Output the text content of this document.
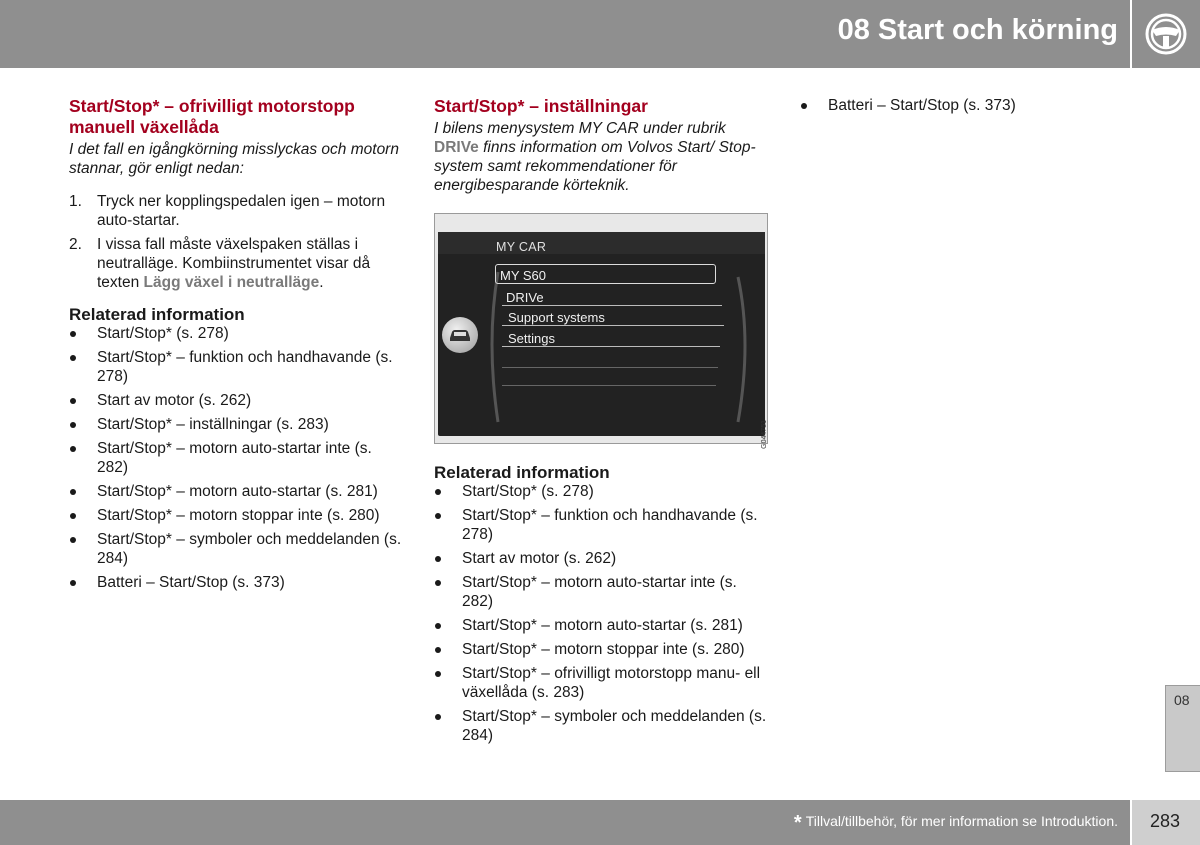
08 Start och körning
Start/Stop* – ofrivilligt motorstopp manuell växellåda

I det fall en igångkörning misslyckas och motorn stannar, gör enligt nedan:

1. Tryck ner kopplingspedalen igen – motorn auto-startar.
2. I vissa fall måste växelspaken ställas i neutralläge. Kombiinstrumentet visar då texten Lägg växel i neutralläge.
Relaterad information
Start/Stop* (s. 278)
Start/Stop* – funktion och handhavande (s. 278)
Start av motor (s. 262)
Start/Stop* – inställningar (s. 283)
Start/Stop* – motorn auto-startar inte (s. 282)
Start/Stop* – motorn auto-startar (s. 281)
Start/Stop* – motorn stoppar inte (s. 280)
Start/Stop* – symboler och meddelanden (s. 284)
Batteri – Start/Stop (s. 373)
Start/Stop* – inställningar

I bilens menysystem MY CAR under rubrik DRIVe finns information om Volvos Start/ Stop-system samt rekommendationer för energibesparande körteknik.

MY CAR
MY S60
DRIVe
Support systems
Settings
G044751
Relaterad information
Start/Stop* (s. 278)
Start/Stop* – funktion och handhavande (s. 278)
Start av motor (s. 262)
Start/Stop* – motorn auto-startar inte (s. 282)
Start/Stop* – motorn auto-startar (s. 281)
Start/Stop* – motorn stoppar inte (s. 280)
Start/Stop* – ofrivilligt motorstopp manu- ell växellåda (s. 283)
Start/Stop* – symboler och meddelanden (s. 284)
Batteri – Start/Stop (s. 373)
08
* Tillval/tillbehör, för mer information se Introduktion. 283
